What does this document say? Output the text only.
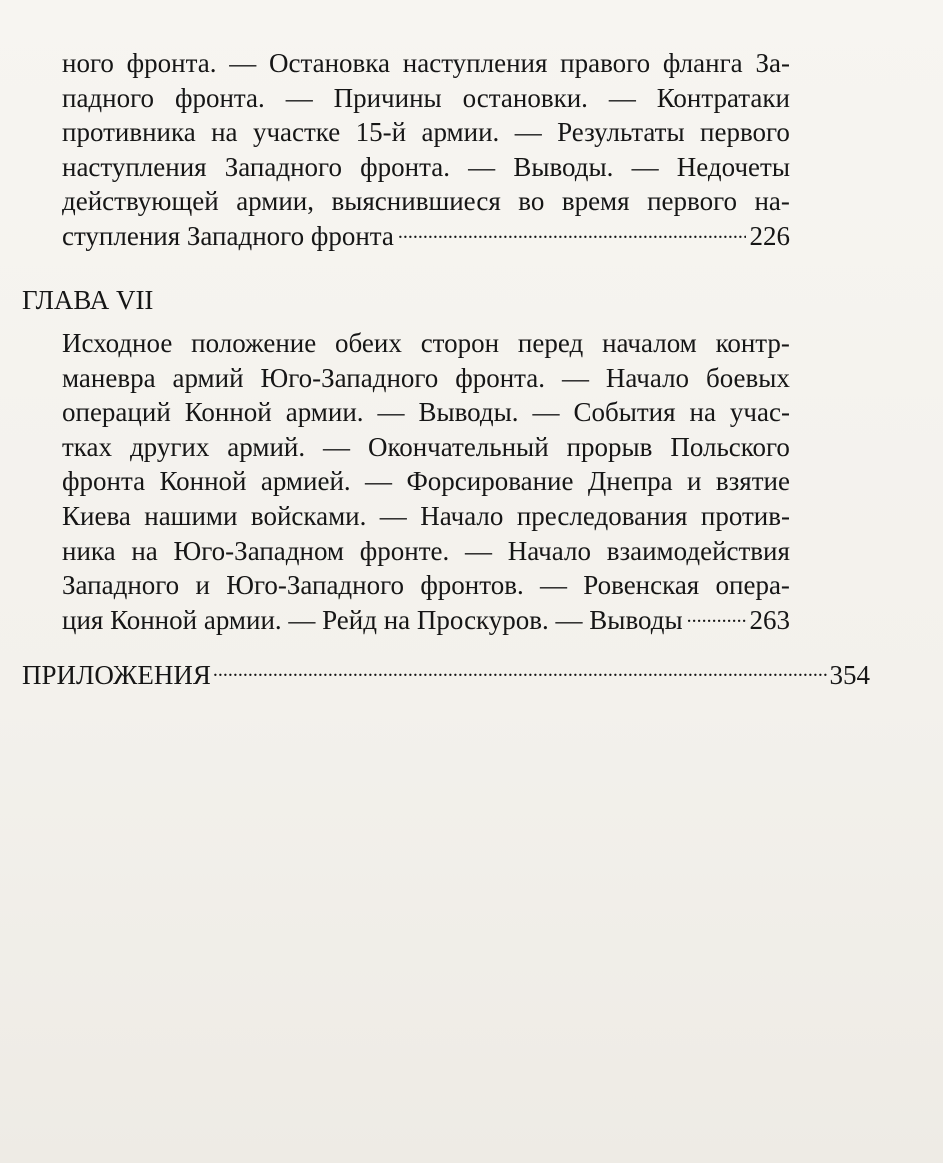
ного фронта. — Остановка наступления правого фланга За-
падного фронта. — Причины остановки. — Контратаки
противника на участке 15-й армии. — Результаты первого
наступления Западного фронта. — Выводы. — Недочеты
действующей армии, выяснившиеся во время первого на-
ступления Западного фронта .....	226
ГЛАВА VII
Исходное положение обеих сторон перед началом контр-
маневра армий Юго-Западного фронта. — Начало боевых
операций Конной армии. — Выводы. — События на учас-
тках других армий. — Окончательный прорыв Польского
фронта Конной армией. — Форсирование Днепра и взятие
Киева нашими войсками. — Начало преследования против-
ника на Юго-Западном фронте. — Начало взаимодействия
Западного и Юго-Западного фронтов. — Ровенская опера-
ция Конной армии. — Рейд на Проскуров. — Выводы ..... 263
ПРИЛОЖЕНИЯ .....	354
